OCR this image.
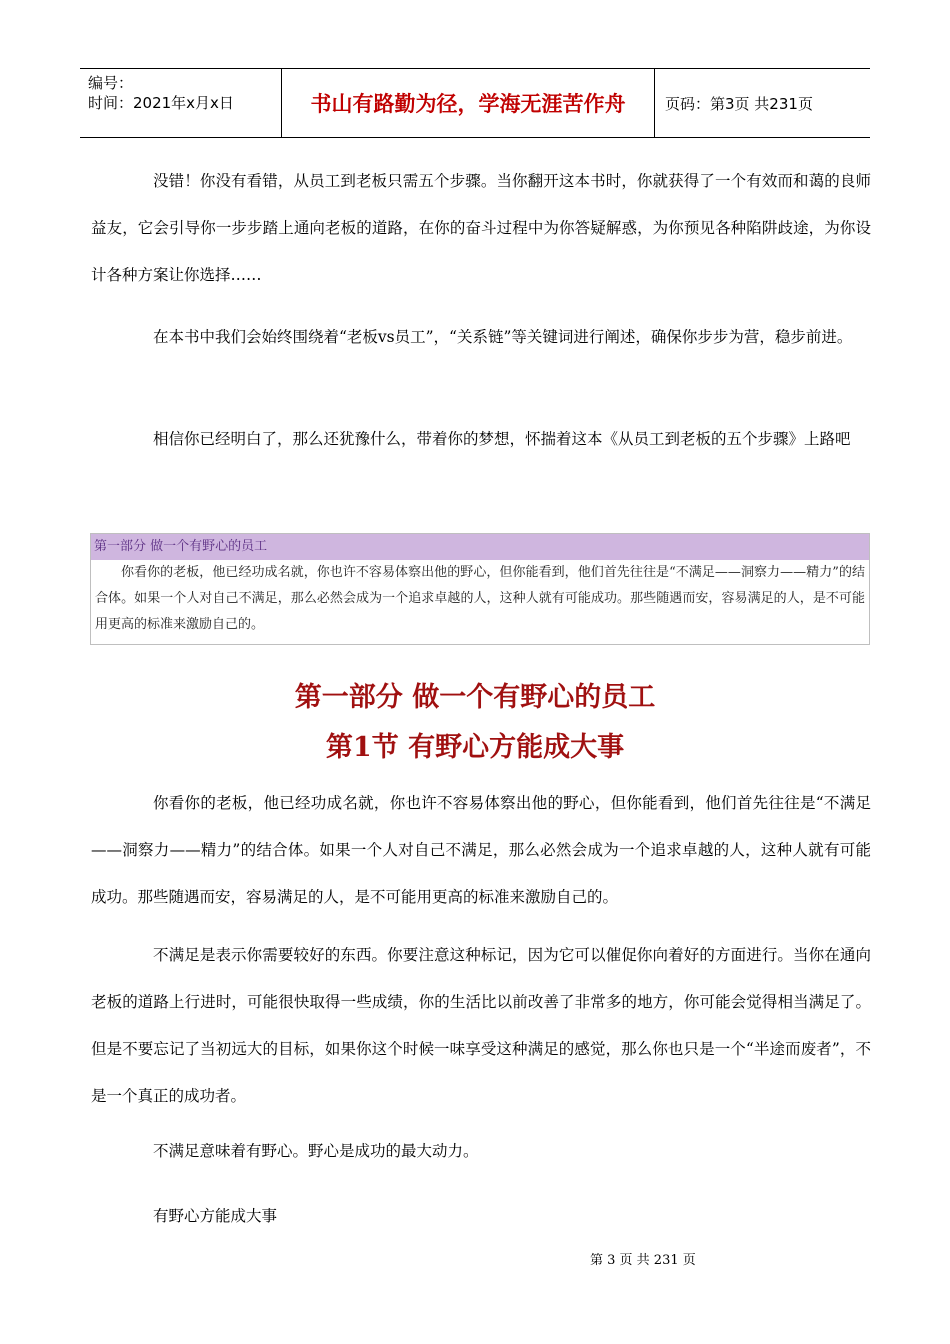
编号：
时间：2021年x月x日	书山有路勤为径，学海无涯苦作舟	页码：第3页 共231页

没错！你没有看错，从员工到老板只需五个步骤。当你翻开这本书时，你就获得了一个有效而和蔼的良师益友，它会引导你一步步踏上通向老板的道路，在你的奋斗过程中为你答疑解惑，为你预见各种陷阱歧途，为你设计各种方案让你选择……

在本书中我们会始终围绕着“老板vs员工”，“关系链”等关键词进行阐述，确保你步步为营，稳步前进。

相信你已经明白了，那么还犹豫什么，带着你的梦想，怀揣着这本《从员工到老板的五个步骤》上路吧

第一部分 做一个有野心的员工
你看你的老板，他已经功成名就，你也许不容易体察出他的野心，但你能看到，他们首先往往是“不满足——洞察力——精力”的结合体。如果一个人对自己不满足，那么必然会成为一个追求卓越的人，这种人就有可能成功。那些随遇而安，容易满足的人，是不可能用更高的标准来激励自己的。
第一部分 做一个有野心的员工
第1节 有野心方能成大事

你看你的老板，他已经功成名就，你也许不容易体察出他的野心，但你能看到，他们首先往往是“不满足——洞察力——精力”的结合体。如果一个人对自己不满足，那么必然会成为一个追求卓越的人，这种人就有可能成功。那些随遇而安，容易满足的人，是不可能用更高的标准来激励自己的。

不满足是表示你需要较好的东西。你要注意这种标记，因为它可以催促你向着好的方面进行。当你在通向老板的道路上行进时，可能很快取得一些成绩，你的生活比以前改善了非常多的地方，你可能会觉得相当满足了。但是不要忘记了当初远大的目标，如果你这个时候一味享受这种满足的感觉，那么你也只是一个“半途而废者”，不是一个真正的成功者。

不满足意味着有野心。野心是成功的最大动力。

有野心方能成大事

第 3 页 共 231 页
